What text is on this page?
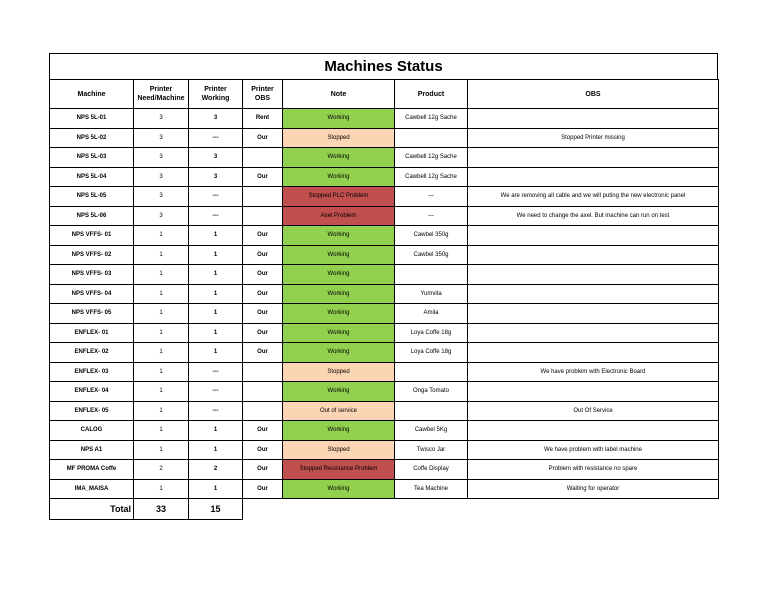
Machines Status
Machine	Printer Need/Machine	Printer Working	Printer OBS	Note	Product	OBS
NPS 5L-01	3	3	Rent	Working	Cawbell 12g Sache	
NPS 5L-02	3	---	Our	Stopped		Stopped Printer missing
NPS 5L-03	3	3		Working	Cawbell 12g Sache	
NPS 5L-04	3	3	Our	Working	Cawbell 12g Sache	
NPS 5L-05	3	---		Stopped PLC Problem	---	We are removing all cable and we will puting the new electronic panel
NPS 5L-06	3	---		Axel Problem	---	We need to change the axel. But machine can run on test
NPS VFFS- 01	1	1	Our	Working	Cawbel 350g	
NPS VFFS- 02	1	1	Our	Working	Cawbel 350g	
NPS VFFS- 03	1	1	Our	Working		
NPS VFFS- 04	1	1	Our	Working	Yumvita	
NPS VFFS- 05	1	1	Our	Working	Amila	
ENFLEX- 01	1	1	Our	Working	Loya Coffe 18g	
ENFLEX- 02	1	1	Our	Working	Loya Coffe 18g	
ENFLEX- 03	1	---		Stopped		We have problem with Electronic Board
ENFLEX- 04	1	---		Working	Onga Tomato	
ENFLEX- 05	1	---		Out of service		Out Of Service
CALOG	1	1	Our	Working	Cawbel 5Kg	
NPS A1	1	1	Our	Stopped	Twisco Jar	We have problem with label machine
MF PROMA Coffe	2	2	Our	Stopped Resistance Problem	Coffe Display	Problem with resistance no spare
IMA_MAISA	1	1	Our	Working	Tea Machine	Waiting for operator
Total	33	15
